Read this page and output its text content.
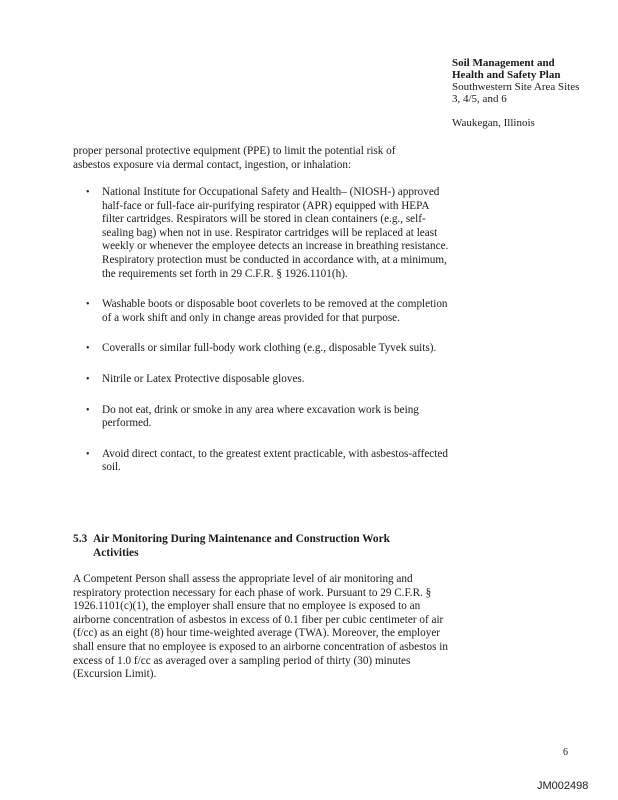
Soil Management and
Health and Safety Plan
Southwestern Site Area Sites
3, 4/5, and 6
Waukegan, Illinois
proper personal protective equipment (PPE) to limit the potential risk of asbestos exposure via dermal contact, ingestion, or inhalation:
• National Institute for Occupational Safety and Health– (NIOSH-) approved half-face or full-face air-purifying respirator (APR) equipped with HEPA filter cartridges. Respirators will be stored in clean containers (e.g., self-sealing bag) when not in use. Respirator cartridges will be replaced at least weekly or whenever the employee detects an increase in breathing resistance. Respiratory protection must be conducted in accordance with, at a minimum, the requirements set forth in 29 C.F.R. § 1926.1101(h).
• Washable boots or disposable boot coverlets to be removed at the completion of a work shift and only in change areas provided for that purpose.
• Coveralls or similar full-body work clothing (e.g., disposable Tyvek suits).
• Nitrile or Latex Protective disposable gloves.
• Do not eat, drink or smoke in any area where excavation work is being performed.
• Avoid direct contact, to the greatest extent practicable, with asbestos-affected soil.
5.3 Air Monitoring During Maintenance and Construction Work
Activities
A Competent Person shall assess the appropriate level of air monitoring and respiratory protection necessary for each phase of work. Pursuant to 29 C.F.R. § 1926.1101(c)(1), the employer shall ensure that no employee is exposed to an airborne concentration of asbestos in excess of 0.1 fiber per cubic centimeter of air (f/cc) as an eight (8) hour time-weighted average (TWA). Moreover, the employer shall ensure that no employee is exposed to an airborne concentration of asbestos in excess of 1.0 f/cc as averaged over a sampling period of thirty (30) minutes (Excursion Limit).
6
JM002498
